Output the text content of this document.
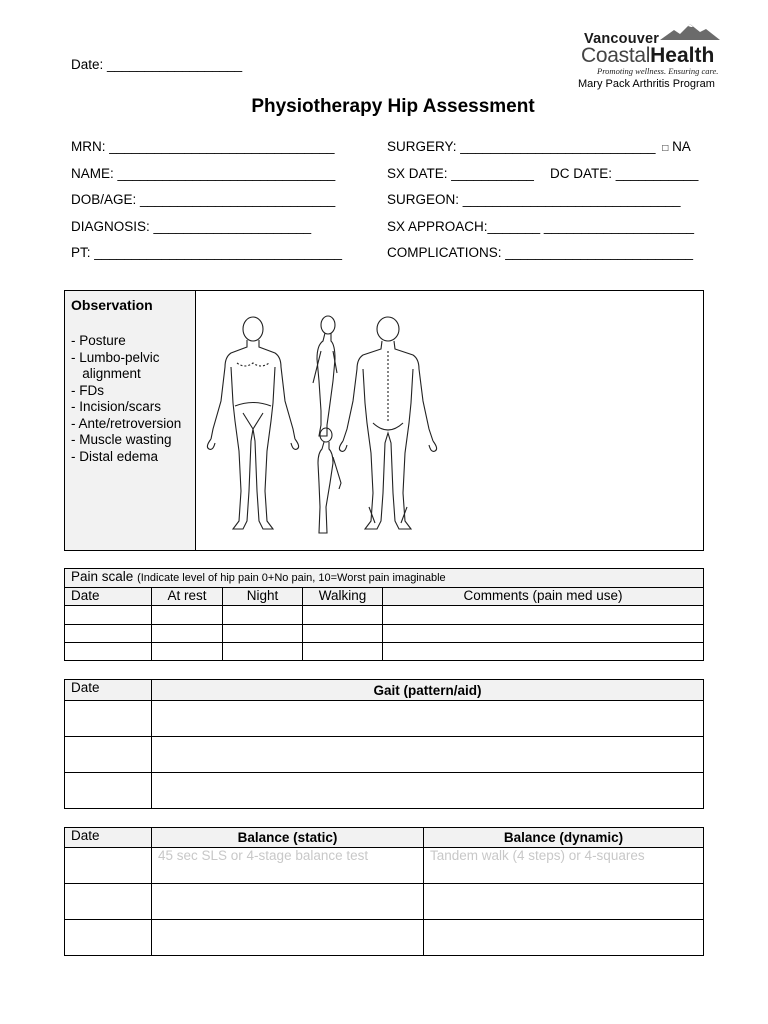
Date: __________________
Physiotherapy Hip Assessment
Vancouver
CoastalHealth
Promoting wellness. Ensuring care.
Mary Pack Arthritis Program
MRN: ______________________________
NAME: _____________________________
DOB/AGE: __________________________
DIAGNOSIS: _____________________
PT: _________________________________
SURGERY: __________________________ □ NA
SX DATE: ___________ DC DATE: ___________
SURGEON: _____________________________
SX APPROACH:_______ ____________________
COMPLICATIONS: _________________________
Observation
- Posture
- Lumbo-pelvic
alignment
- FDs
- Incision/scars
- Ante/retroversion
- Muscle wasting
- Distal edema
Pain scale (Indicate level of hip pain 0+No pain, 10=Worst pain imaginable				
Date	At rest	Night	Walking	Comments (pain med use)

Date	Gait (pattern/aid)

Date	Balance (static)	Balance (dynamic)
	45 sec SLS or 4-stage balance test	Tandem walk (4 steps) or 4-squares
